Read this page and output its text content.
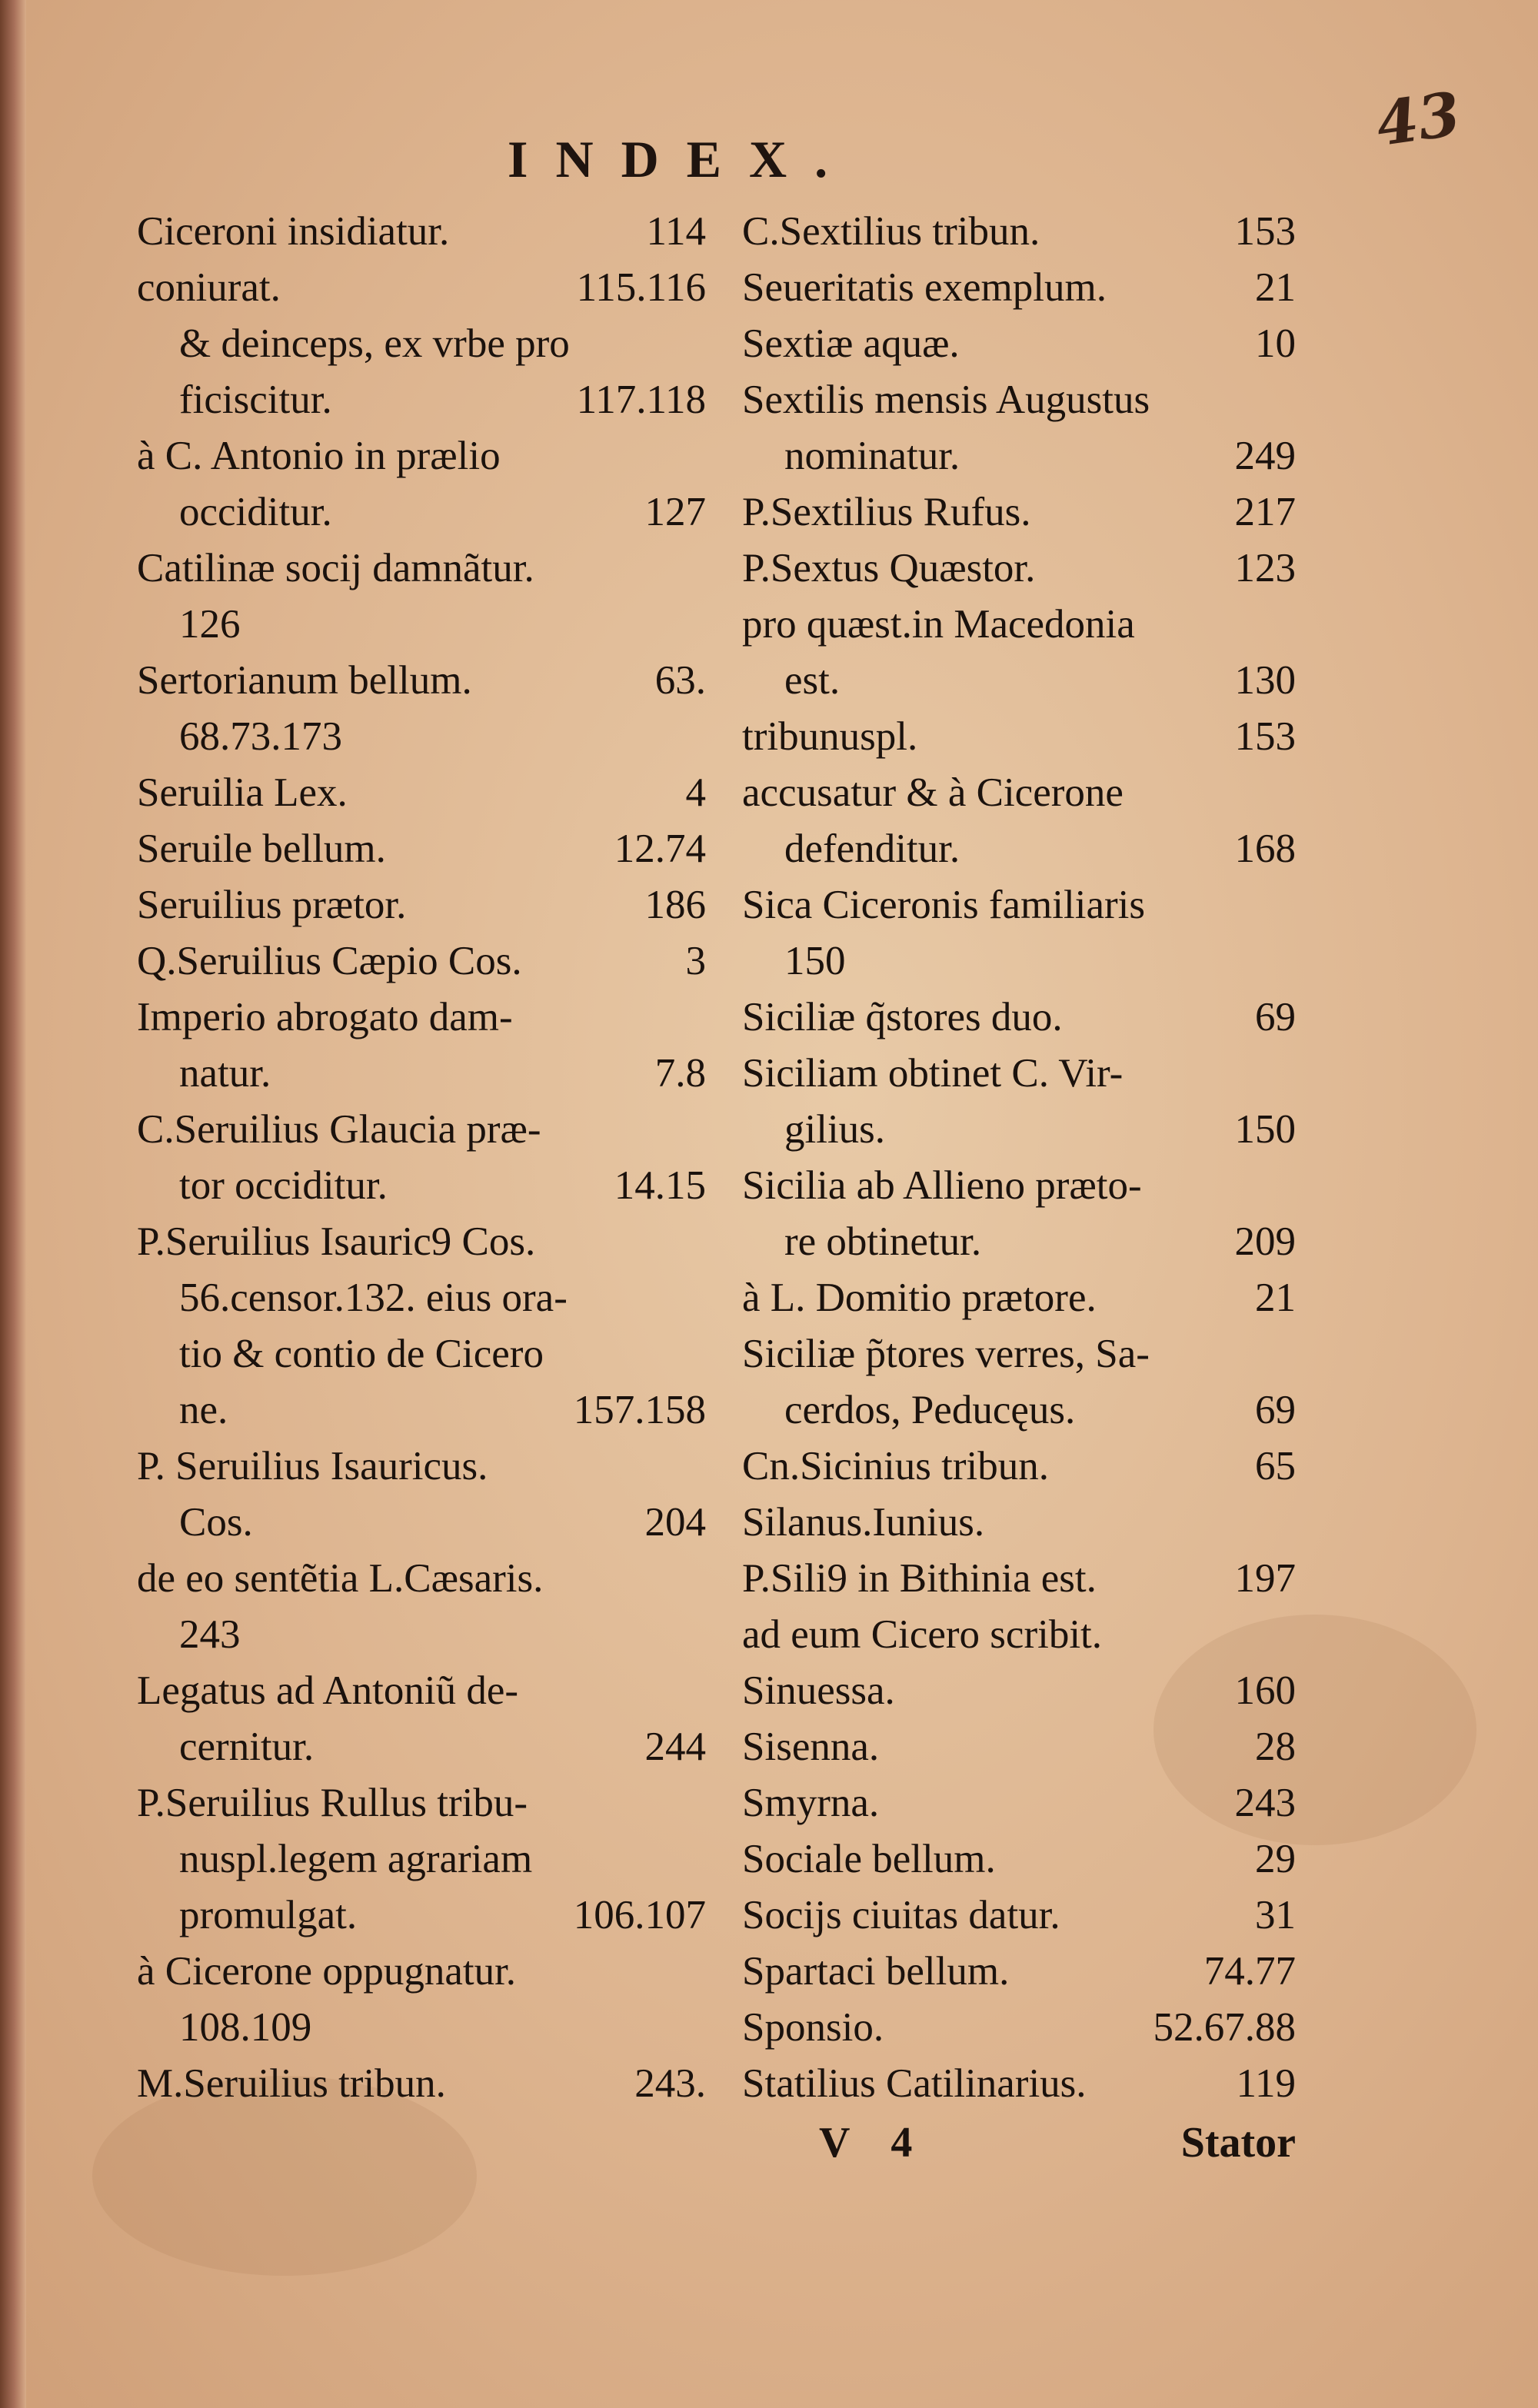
43
INDEX.
Ciceroni insidiatur.	114
coniurat.	115.116
& deinceps, ex vrbe pro
ficiscitur.	117.118
à C. Antonio in prælio
occiditur.	127
Catilinæ socij damnãtur.
126
Sertorianum bellum.	63.
68.73.173
Seruilia Lex.	4
Seruile bellum.	12.74
Seruilius prætor.	186
Q.Seruilius Cæpio Cos.	3
Imperio abrogato dam-
natur.	7.8
C.Seruilius Glaucia præ-
tor occiditur.	14.15
P.Seruilius Isauric9 Cos.
56.censor.132. eius ora-
tio & contio de Cicero
ne.	157.158
P. Seruilius Isauricus.
Cos.	204
de eo sentẽtia L.Cæsaris.
243
Legatus ad Antoniũ de-
cernitur.	244
P.Seruilius Rullus tribu-
nuspl.legem agrariam
promulgat.	106.107
à Cicerone oppugnatur.
108.109
M.Seruilius tribun.	243.
C.Sextilius tribun.	153
Seueritatis exemplum.	21
Sextiæ aquæ.	10
Sextilis mensis Augustus
nominatur.	249
P.Sextilius Rufus.	217
P.Sextus Quæstor.	123
pro quæst.in Macedonia
est.	130
tribunuspl.	153
accusatur & à Cicerone
defenditur.	168
Sica Ciceronis familiaris
150
Siciliæ q̃stores duo.	69
Siciliam obtinet C. Vir-
gilius.	150
Sicilia ab Allieno præto-
re obtinetur.	209
à L. Domitio prætore.	21
Siciliæ p̃tores verres, Sa-
cerdos, Peducęus.	69
Cn.Sicinius tribun.	65
Silanus.Iunius.
P.Sili9 in Bithinia est.	197
ad eum Cicero scribit.
Sinuessa.	160
Sisenna.	28
Smyrna.	243
Sociale bellum.	29
Socijs ciuitas datur.	31
Spartaci bellum.	74.77
Sponsio.	52.67.88
Statilius Catilinarius.	119
V 4	Stator
